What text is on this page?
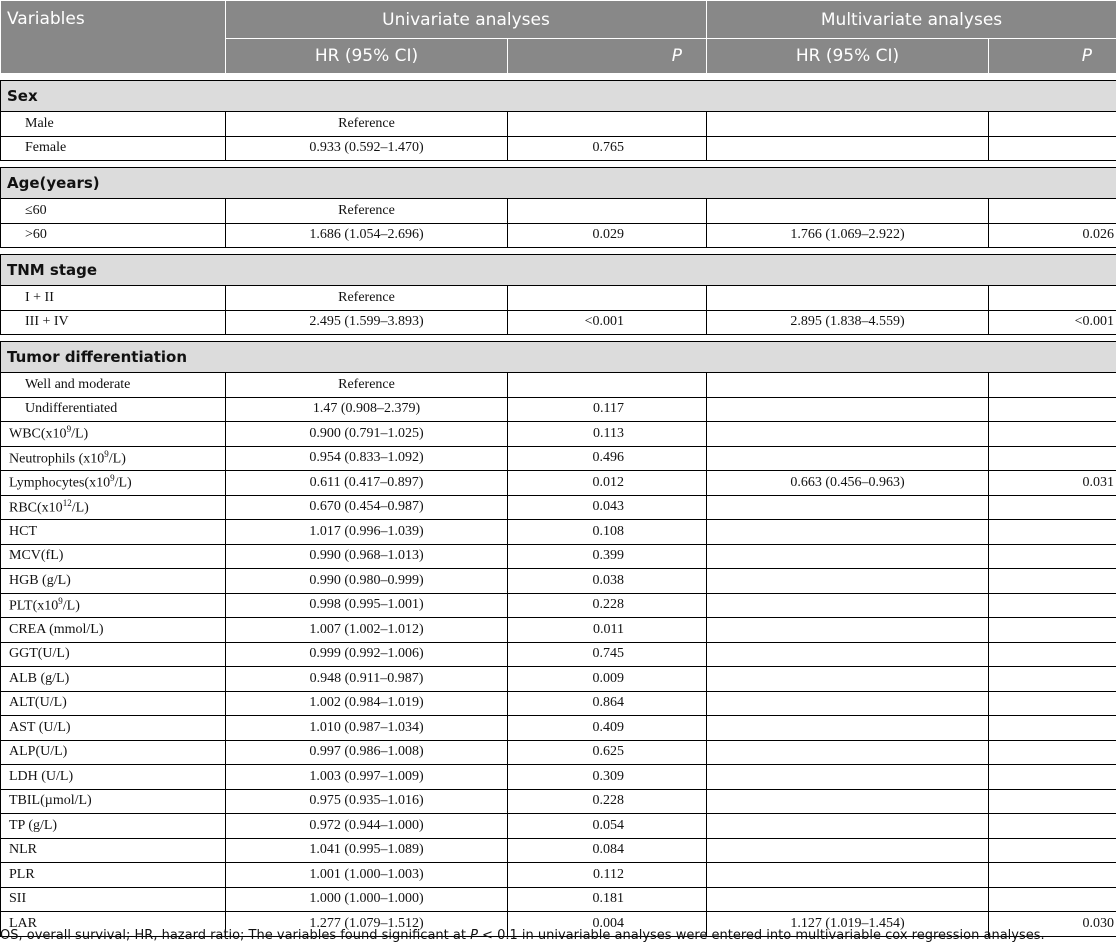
Variables	Univariate analyses		Multivariate analyses	
	HR (95% CI)	P	HR (95% CI)	P

Sex				
Male	Reference			
Female	0.933 (0.592–1.470)	0.765		

Age(years)				
≤60	Reference			
>60	1.686 (1.054–2.696)	0.029	1.766 (1.069–2.922)	0.026

TNM stage				
I + II	Reference			
III + IV	2.495 (1.599–3.893)	<0.001	2.895 (1.838–4.559)	<0.001

Tumor differentiation				
Well and moderate	Reference			
Undifferentiated	1.47 (0.908–2.379)	0.117		
$WBC(x10^9/L)$	0.900 (0.791–1.025)	0.113		
Neutrophils $(x10^9/L)$	0.954 (0.833–1.092)	0.496		
$Lymphocytes(x10^9/L)$	0.611 (0.417–0.897)	0.012	0.663 (0.456–0.963)	0.031
$RBC(x10^{12}/L)$	0.670 (0.454–0.987)	0.043		
HCT	1.017 (0.996–1.039)	0.108		
MCV(fL)	0.990 (0.968–1.013)	0.399		
HGB (g/L)	0.990 (0.980–0.999)	0.038		
$PLT(x10^9/L)$	0.998 (0.995–1.001)	0.228		
CREA (mmol/L)	1.007 (1.002–1.012)	0.011		
GGT(U/L)	0.999 (0.992–1.006)	0.745		
ALB (g/L)	0.948 (0.911–0.987)	0.009		
ALT(U/L)	1.002 (0.984–1.019)	0.864		
AST (U/L)	1.010 (0.987–1.034)	0.409		
ALP(U/L)	0.997 (0.986–1.008)	0.625		
LDH (U/L)	1.003 (0.997–1.009)	0.309		
TBIL(µmol/L)	0.975 (0.935–1.016)	0.228		
TP (g/L)	0.972 (0.944–1.000)	0.054		
NLR	1.041 (0.995–1.089)	0.084		
PLR	1.001 (1.000–1.003)	0.112		
SII	1.000 (1.000–1.000)	0.181		
LAR	1.277 (1.079–1.512)	0.004	1.127 (1.019–1.454)	0.030
OS, overall survival; HR, hazard ratio; The variables found significant at P < 0.1 in univariable analyses were entered into multivariable cox regression analyses.
